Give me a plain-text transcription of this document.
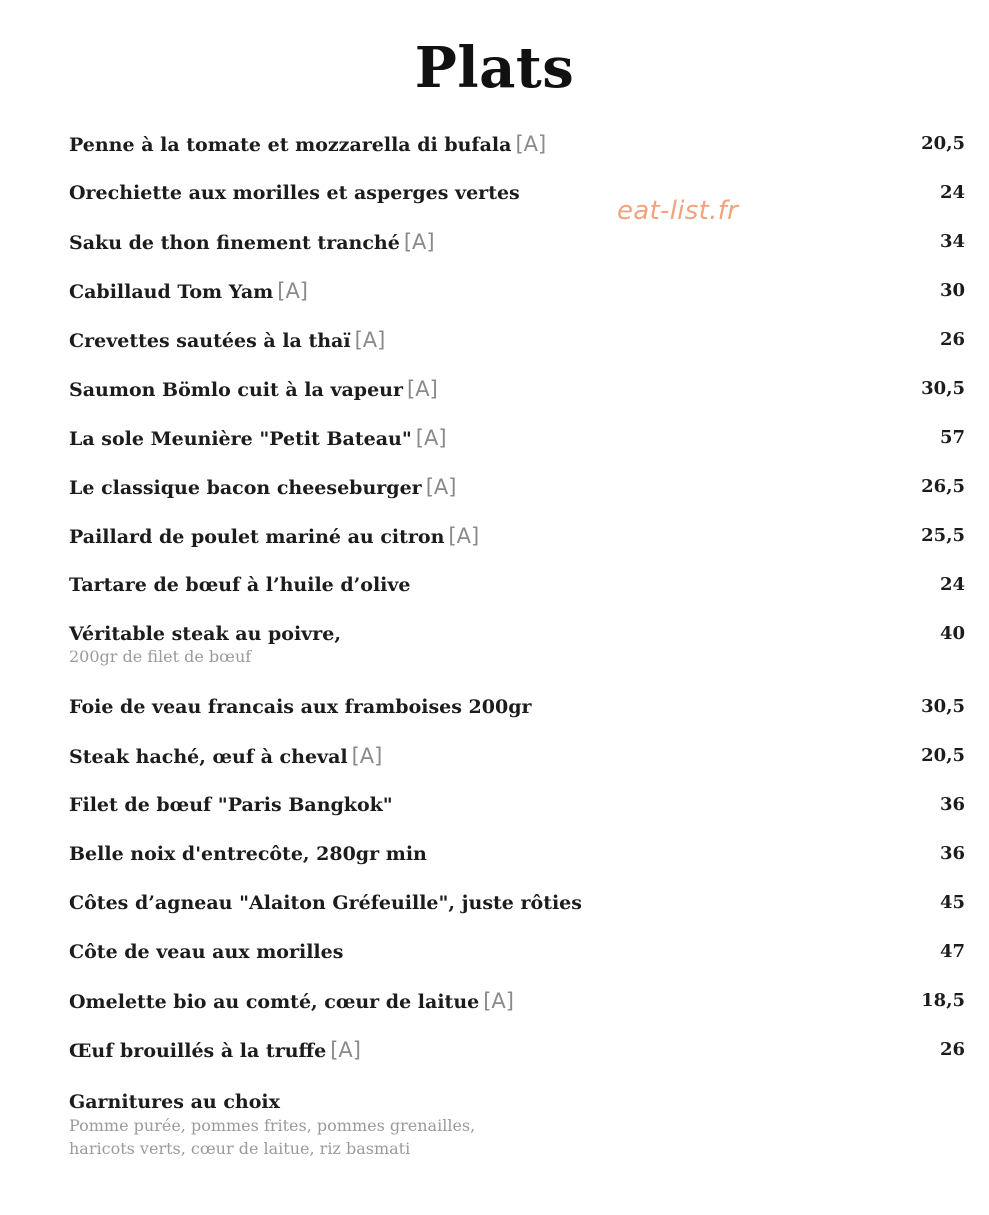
Plats
eat-list.fr
Penne à la tomate et mozzarella di bufala [A]	20,5
Orechiette aux morilles et asperges vertes	24
Saku de thon finement tranché [A]	34
Cabillaud Tom Yam [A]	30
Crevettes sautées à la thaï [A]	26
Saumon Bömlo cuit à la vapeur [A]	30,5
La sole Meunière "Petit Bateau" [A]	57
Le classique bacon cheeseburger [A]	26,5
Paillard de poulet mariné au citron [A]	25,5
Tartare de bœuf à l’huile d’olive	24
Véritable steak au poivre,	40
200gr de filet de bœuf
Foie de veau francais aux framboises 200gr	30,5
Steak haché, œuf à cheval [A]	20,5
Filet de bœuf "Paris Bangkok"	36
Belle noix d'entrecôte, 280gr min	36
Côtes d’agneau "Alaiton Gréfeuille", juste rôties	45
Côte de veau aux morilles	47
Omelette bio au comté, cœur de laitue [A]	18,5
Œuf brouillés à la truffe [A]	26
Garnitures au choix
Pomme purée, pommes frites, pommes grenailles,
haricots verts, cœur de laitue, riz basmati
